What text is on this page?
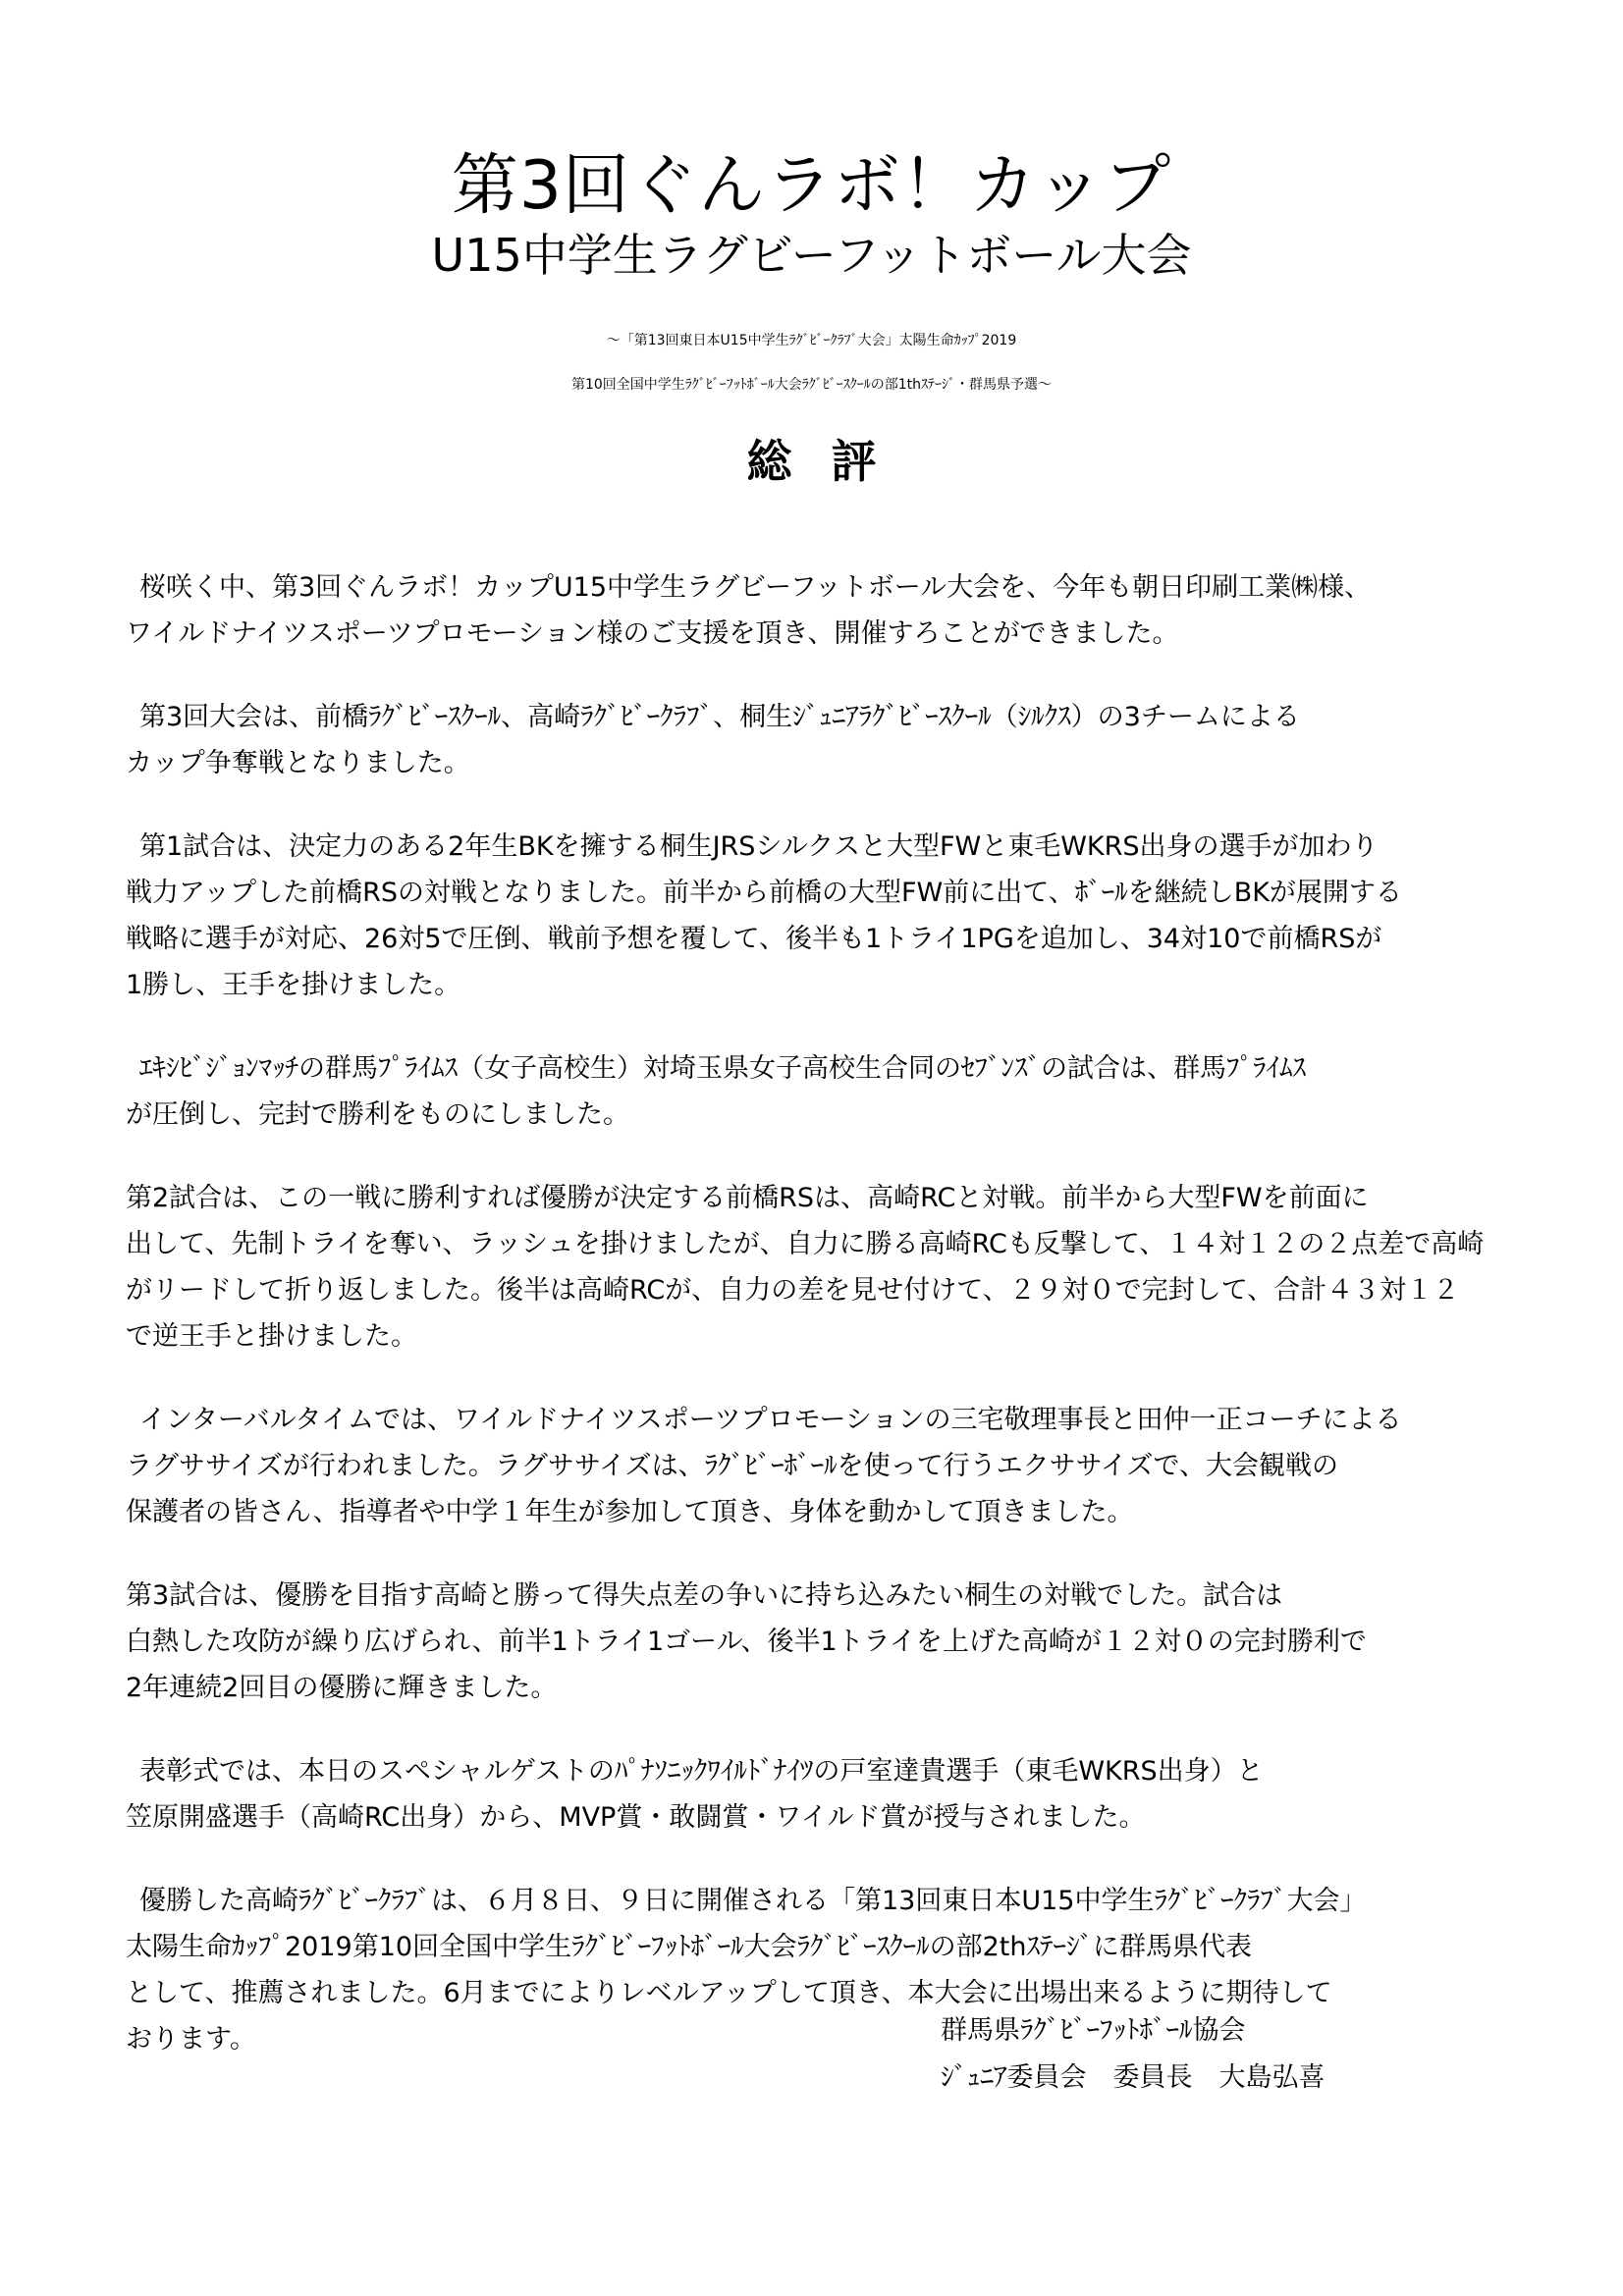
第3回ぐんラボ！カップ
U15中学生ラグビーフットボール大会
～「第13回東日本U15中学生ﾗｸﾞﾋﾞｰｸﾗﾌﾞ大会」太陽生命ｶｯﾌﾟ2019
第10回全国中学生ﾗｸﾞﾋﾞｰﾌｯﾄﾎﾞｰﾙ大会ﾗｸﾞﾋﾞｰｽｸｰﾙの部1thｽﾃｰｼﾞ・群馬県予選～
総評
桜咲く中、第3回ぐんラボ！カップU15中学生ラグビーフットボール大会を、今年も朝日印刷工業㈱様、
ワイルドナイツスポーツプロモーション様のご支援を頂き、開催すろことができました。
第3回大会は、前橋ﾗｸﾞﾋﾞｰｽｸｰﾙ、高崎ﾗｸﾞﾋﾞｰｸﾗﾌﾞ、桐生ｼﾞｭﾆｱﾗｸﾞﾋﾞｰｽｸｰﾙ（ｼﾙｸｽ）の3チームによる
カップ争奪戦となりました。
第1試合は、決定力のある2年生BKを擁する桐生JRSシルクスと大型FWと東毛WKRS出身の選手が加わり
戦力アップした前橋RSの対戦となりました。前半から前橋の大型FW前に出て、ﾎﾞｰﾙを継続しBKが展開する
戦略に選手が対応、26対5で圧倒、戦前予想を覆して、後半も1トライ1PGを追加し、34対10で前橋RSが
1勝し、王手を掛けました。
ｴｷｼﾋﾞｼﾞｮﾝﾏｯﾁの群馬ﾌﾟﾗｲﾑｽ（女子高校生）対埼玉県女子高校生合同のｾﾌﾞﾝｽﾞの試合は、群馬ﾌﾟﾗｲﾑｽ
が圧倒し、完封で勝利をものにしました。
第2試合は、この一戦に勝利すれば優勝が決定する前橋RSは、高崎RCと対戦。前半から大型FWを前面に
出して、先制トライを奪い、ラッシュを掛けましたが、自力に勝る高崎RCも反撃して、１４対１２の２点差で高崎
がリードして折り返しました。後半は高崎RCが、自力の差を見せ付けて、２９対０で完封して、合計４３対１２
で逆王手と掛けました。
インターバルタイムでは、ワイルドナイツスポーツプロモーションの三宅敬理事長と田仲一正コーチによる
ラグササイズが行われました。ラグササイズは、ﾗｸﾞﾋﾞｰﾎﾞｰﾙを使って行うエクササイズで、大会観戦の
保護者の皆さん、指導者や中学１年生が参加して頂き、身体を動かして頂きました。
第3試合は、優勝を目指す高崎と勝って得失点差の争いに持ち込みたい桐生の対戦でした。試合は
白熱した攻防が繰り広げられ、前半1トライ1ゴール、後半1トライを上げた高崎が１２対０の完封勝利で
2年連続2回目の優勝に輝きました。
表彰式では、本日のスペシャルゲストのﾊﾟﾅｿﾆｯｸﾜｲﾙﾄﾞﾅｲﾂの戸室達貴選手（東毛WKRS出身）と
笠原開盛選手（高崎RC出身）から、MVP賞・敢闘賞・ワイルド賞が授与されました。
優勝した高崎ﾗｸﾞﾋﾞｰｸﾗﾌﾞは、６月８日、９日に開催される「第13回東日本U15中学生ﾗｸﾞﾋﾞｰｸﾗﾌﾞ大会」
太陽生命ｶｯﾌﾟ2019第10回全国中学生ﾗｸﾞﾋﾞｰﾌｯﾄﾎﾞｰﾙ大会ﾗｸﾞﾋﾞｰｽｸｰﾙの部2thｽﾃｰｼﾞに群馬県代表
として、推薦されました。6月までによりレベルアップして頂き、本大会に出場出来るように期待して
おります。	群馬県ﾗｸﾞﾋﾞｰﾌｯﾄﾎﾞｰﾙ協会
ｼﾞｭﾆｱ委員会　委員長　大島弘喜
